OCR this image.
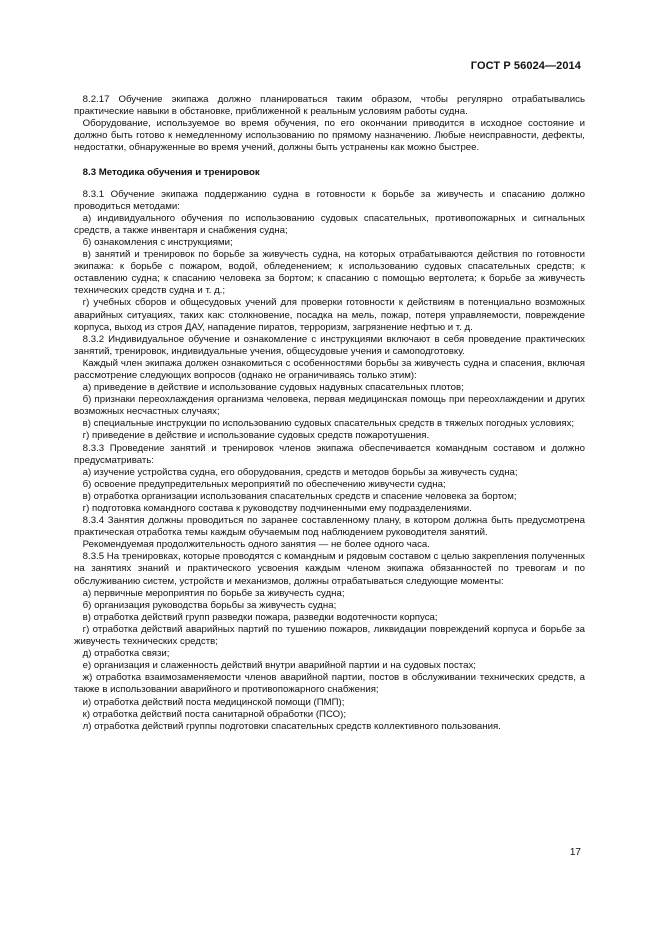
ГОСТ Р 56024—2014

8.2.17 Обучение экипажа должно планироваться таким образом, чтобы регулярно отрабатывались практические навыки в обстановке, приближенной к реальным условиям работы судна.

Оборудование, используемое во время обучения, по его окончании приводится в исходное состояние и должно быть готово к немедленному использованию по прямому назначению. Любые неисправности, дефекты, недостатки, обнаруженные во время учений, должны быть устранены как можно быстрее.

8.3 Методика обучения и тренировок

8.3.1 Обучение экипажа поддержанию судна в готовности к борьбе за живучесть и спасанию должно проводиться методами:

а) индивидуального обучения по использованию судовых спасательных, противопожарных и сигнальных средств, а также инвентаря и снабжения судна;

б) ознакомления с инструкциями;

в) занятий и тренировок по борьбе за живучесть судна, на которых отрабатываются действия по готовности экипажа: к борьбе с пожаром, водой, обледенением; к использованию судовых спасательных средств; к оставлению судна; к спасанию человека за бортом; к спасанию с помощью вертолета; к борьбе за живучесть технических средств судна и т. д.;

г) учебных сборов и общесудовых учений для проверки готовности к действиям в потенциально возможных аварийных ситуациях, таких как: столкновение, посадка на мель, пожар, потеря управляемости, повреждение корпуса, выход из строя ДАУ, нападение пиратов, терроризм, загрязнение нефтью и т. д.

8.3.2 Индивидуальное обучение и ознакомление с инструкциями включают в себя проведение практических занятий, тренировок, индивидуальные учения, общесудовые учения и самоподготовку.

Каждый член экипажа должен ознакомиться с особенностями борьбы за живучесть судна и спасения, включая рассмотрение следующих вопросов (однако не ограничиваясь только этим):

а) приведение в действие и использование судовых надувных спасательных плотов;

б) признаки переохлаждения организма человека, первая медицинская помощь при переохлаждении и других возможных несчастных случаях;

в) специальные инструкции по использованию судовых спасательных средств в тяжелых погодных условиях;

г) приведение в действие и использование судовых средств пожаротушения.

8.3.3 Проведение занятий и тренировок членов экипажа обеспечивается командным составом и должно предусматривать:

а) изучение устройства судна, его оборудования, средств и методов борьбы за живучесть судна;

б) освоение предупредительных мероприятий по обеспечению живучести судна;

в) отработка организации использования спасательных средств и спасение человека за бортом;

г) подготовка командного состава к руководству подчиненными ему подразделениями.

8.3.4 Занятия должны проводиться по заранее составленному плану, в котором должна быть предусмотрена практическая отработка темы каждым обучаемым под наблюдением руководителя занятий.

Рекомендуемая продолжительность одного занятия — не более одного часа.

8.3.5 На тренировках, которые проводятся с командным и рядовым составом с целью закрепления полученных на занятиях знаний и практического усвоения каждым членом экипажа обязанностей по тревогам и по обслуживанию систем, устройств и механизмов, должны отрабатываться следующие моменты:

а) первичные мероприятия по борьбе за живучесть судна;

б) организация руководства борьбы за живучесть судна;

в) отработка действий групп разведки пожара, разведки водотечности корпуса;

г) отработка действий аварийных партий по тушению пожаров, ликвидации повреждений корпуса и борьбе за живучесть технических средств;

д) отработка связи;

е) организация и слаженность действий внутри аварийной партии и на судовых постах;

ж) отработка взаимозаменяемости членов аварийной партии, постов в обслуживании технических средств, а также в использовании аварийного и противопожарного снабжения;

и) отработка действий поста медицинской помощи (ПМП);

к) отработка действий поста санитарной обработки (ПСО);

л) отработка действий группы подготовки спасательных средств коллективного пользования.

17
